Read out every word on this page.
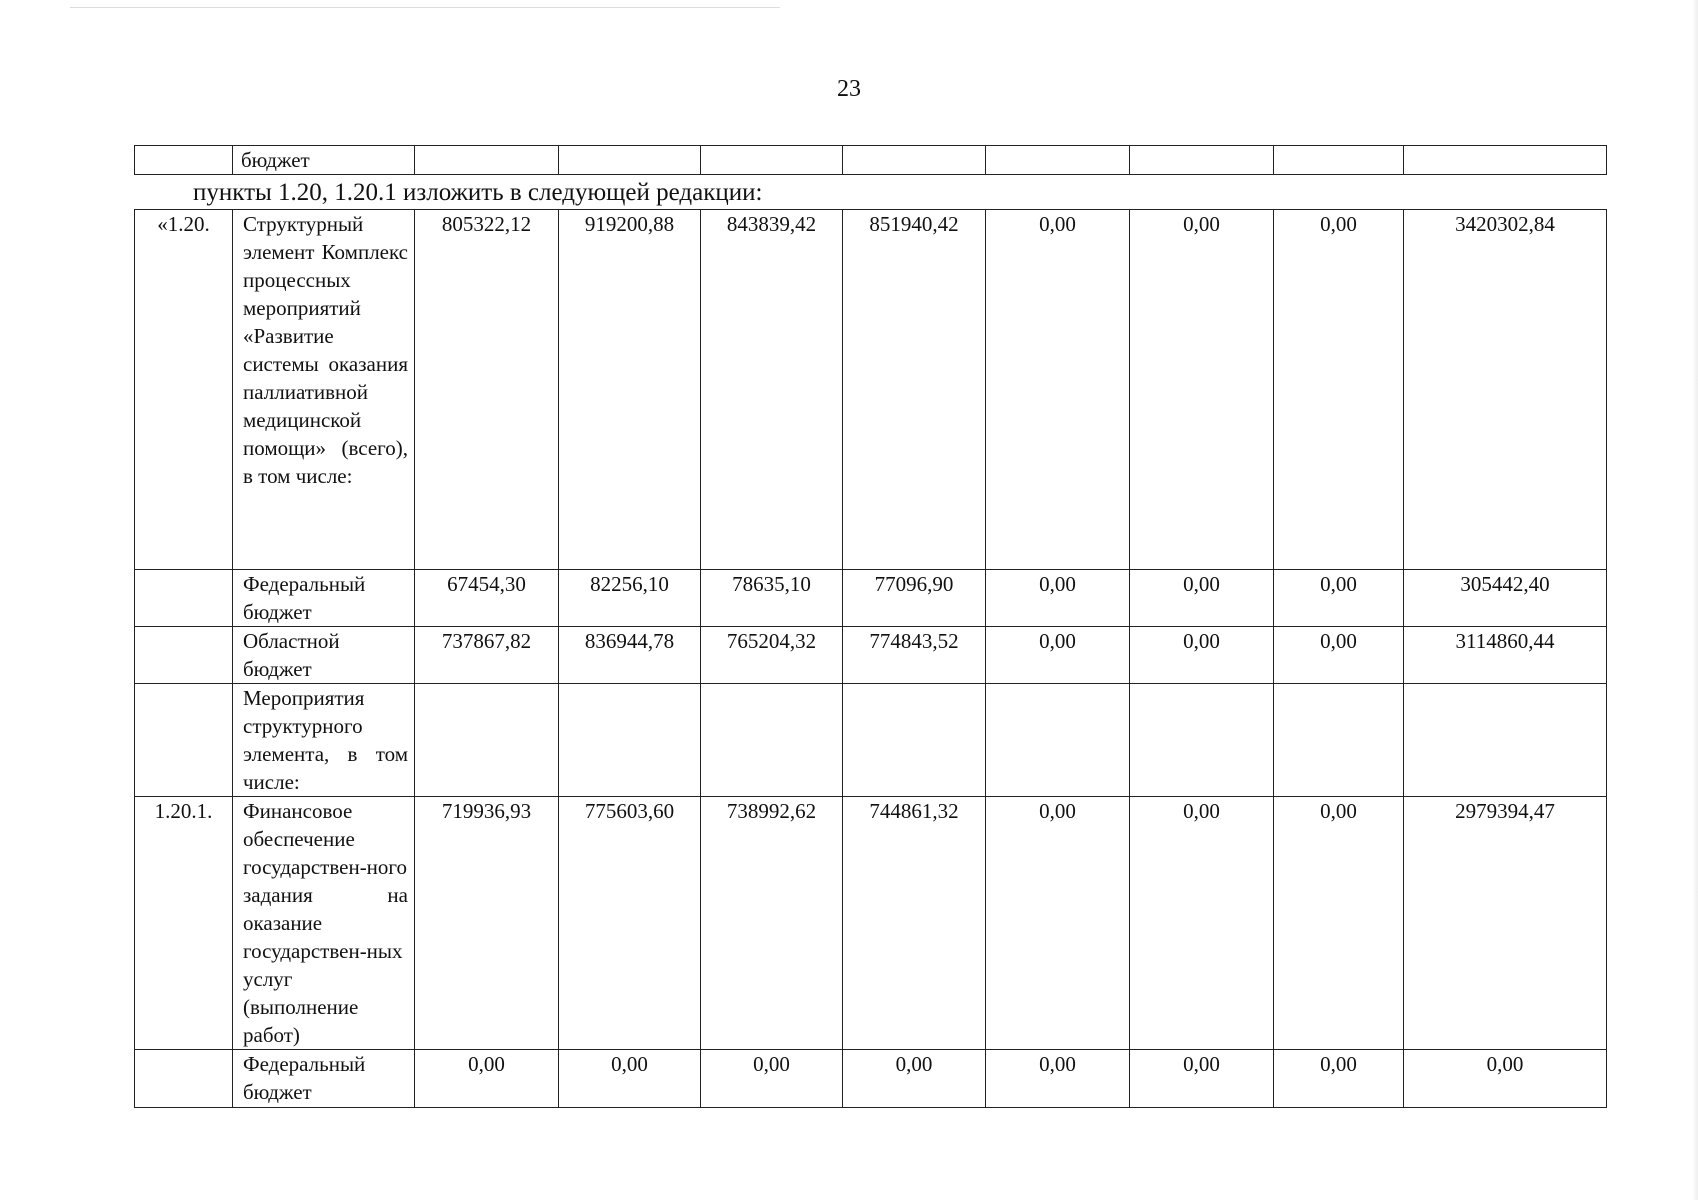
23
	бюджет								
пункты 1.20, 1.20.1 изложить в следующей редакции:
«1.20.	Структурный элемент Комплекс процессных мероприятий «Развитие системы оказания паллиативной медицинской помощи» (всего), в том числе:	805322,12	919200,88	843839,42	851940,42	0,00	0,00	0,00	3420302,84
	Федеральный бюджет	67454,30	82256,10	78635,10	77096,90	0,00	0,00	0,00	305442,40
	Областной бюджет	737867,82	836944,78	765204,32	774843,52	0,00	0,00	0,00	3114860,44
	Мероприятия структурного элемента, в том числе:								
1.20.1.	Финансовое обеспечение государствен-ного задания на оказание государствен-ных услуг (выполнение работ)	719936,93	775603,60	738992,62	744861,32	0,00	0,00	0,00	2979394,47
	Федеральный бюджет	0,00	0,00	0,00	0,00	0,00	0,00	0,00	0,00
